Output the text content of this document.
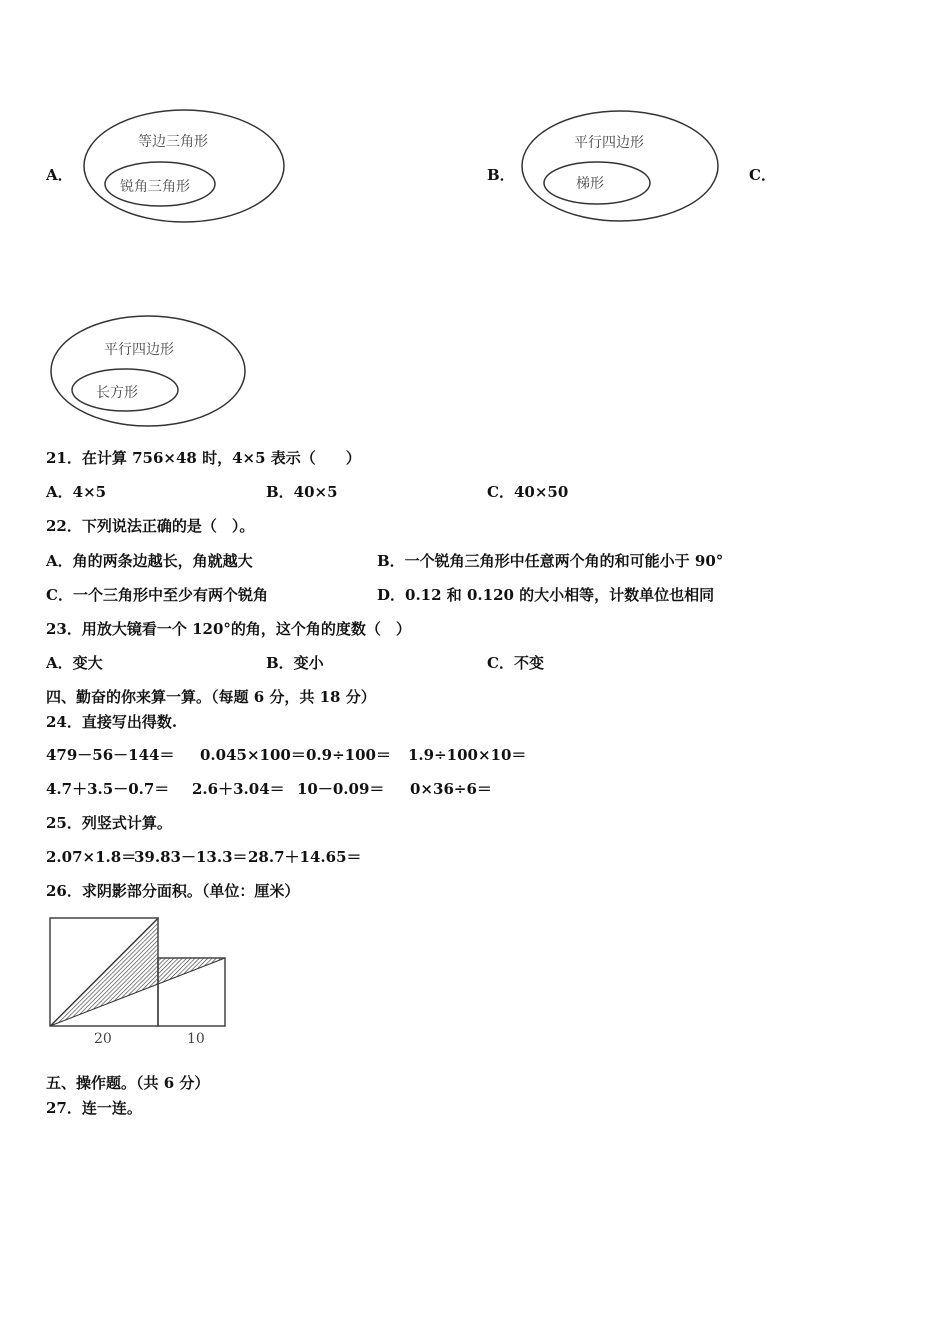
A．
等边三角形
锐角三角形
B．
平行四边形
梯形	C．
平行四边形
长方形
21．在计算 756×48 时，4×5 表示（　　）
A．4×5	B．40×5	C．40×50
22．下列说法正确的是（　）。
A．角的两条边越长，角就越大	B．一个锐角三角形中任意两个角的和可能小于 90°
C．一个三角形中至少有两个锐角	D．0.12 和 0.120 的大小相等，计数单位也相同
23．用放大镜看一个 120°的角，这个角的度数（　）
A．变大	B．变小	C．不变
四、勤奋的你来算一算。（每题 6 分，共 18 分）
24．直接写出得数.
479－56－144＝ 0.045×100＝ 0.9÷100＝ 1.9÷100×10＝
4.7＋3.5－0.7＝ 2.6＋3.04＝ 10－0.09＝ 0×36÷6＝
25．列竖式计算。
2.07×1.8＝
39.83－13.3＝ 28.7＋14.65＝
26．求阴影部分面积。（单位：厘米）
20	10
五、操作题。（共 6 分）
27．连一连。
